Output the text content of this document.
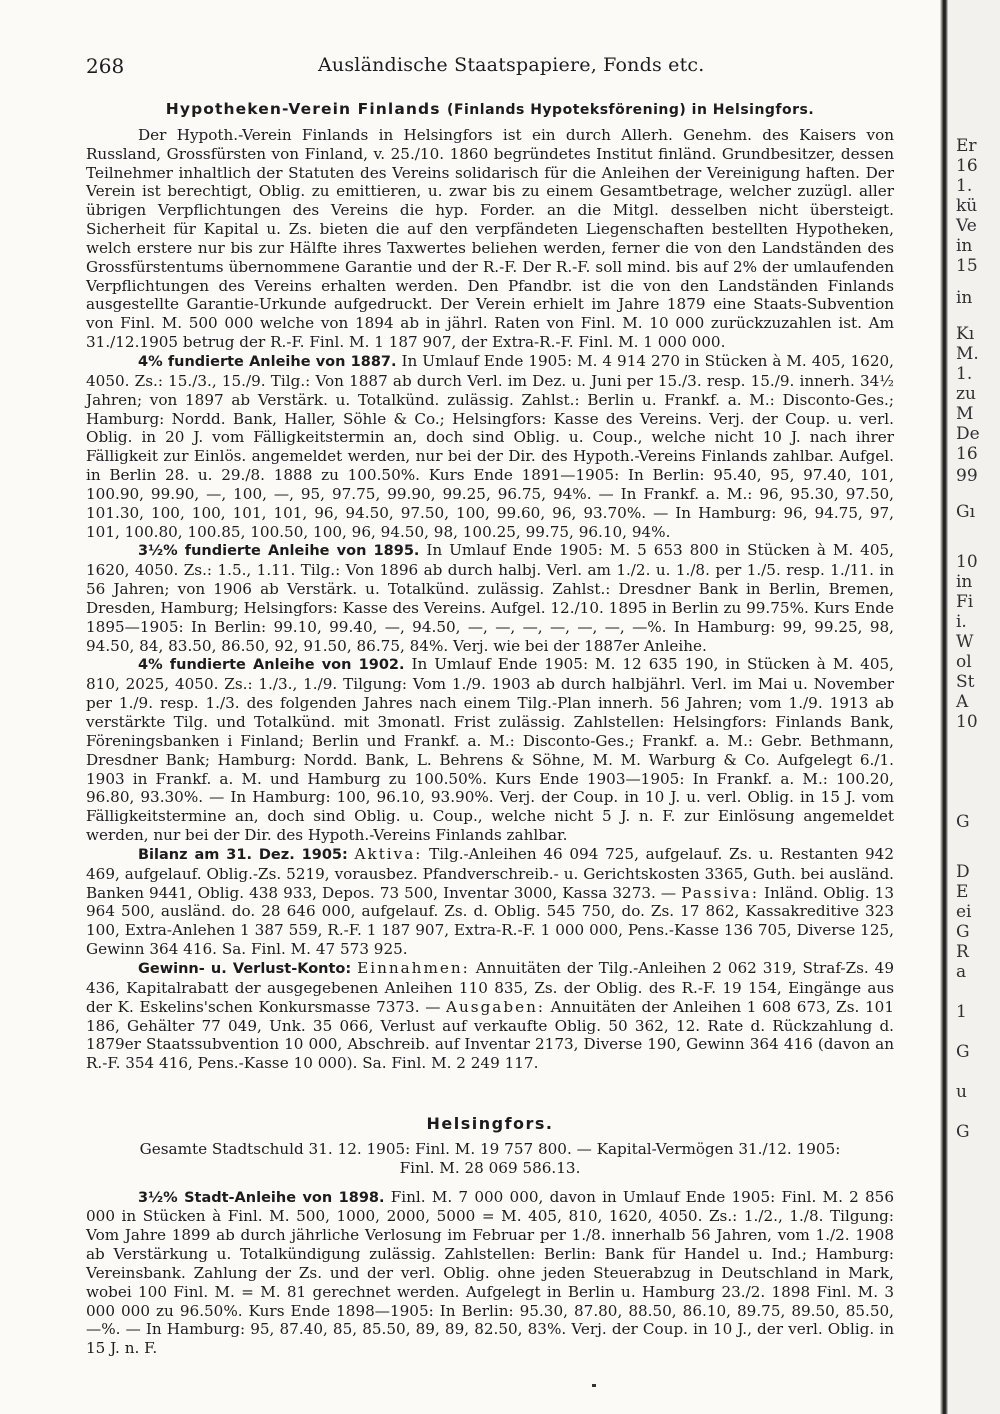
268	Ausländische Staatspapiere, Fonds etc.
Hypotheken-Verein Finlands (Finlands Hypoteksförening) in Helsingfors.

Der Hypoth.-Verein Finlands in Helsingfors ist ein durch Allerh. Genehm. des Kaisers von Russland, Grossfürsten von Finland, v. 25./10. 1860 begründetes Institut finländ. Grundbesitzer, dessen Teilnehmer inhaltlich der Statuten des Vereins solidarisch für die Anleihen der Vereinigung haften. Der Verein ist berechtigt, Oblig. zu emittieren, u. zwar bis zu einem Gesamtbetrage, welcher zuzügl. aller übrigen Verpflichtungen des Vereins die hyp. Forder. an die Mitgl. desselben nicht übersteigt. Sicherheit für Kapital u. Zs. bieten die auf den verpfändeten Liegenschaften bestellten Hypotheken, welch erstere nur bis zur Hälfte ihres Taxwertes beliehen werden, ferner die von den Landständen des Grossfürstentums übernommene Garantie und der R.-F. Der R.-F. soll mind. bis auf 2% der umlaufenden Verpflichtungen des Vereins erhalten werden. Den Pfandbr. ist die von den Landständen Finlands ausgestellte Garantie-Urkunde aufgedruckt. Der Verein erhielt im Jahre 1879 eine Staats-Subvention von Finl. M. 500 000 welche von 1894 ab in jährl. Raten von Finl. M. 10 000 zurückzuzahlen ist. Am 31./12.1905 betrug der R.-F. Finl. M. 1 187 907, der Extra-R.-F. Finl. M. 1 000 000.

4% fundierte Anleihe von 1887. In Umlauf Ende 1905: M. 4 914 270 in Stücken à M. 405, 1620, 4050. Zs.: 15./3., 15./9. Tilg.: Von 1887 ab durch Verl. im Dez. u. Juni per 15./3. resp. 15./9. innerh. 34½ Jahren; von 1897 ab Verstärk. u. Totalkünd. zulässig. Zahlst.: Berlin u. Frankf. a. M.: Disconto-Ges.; Hamburg: Nordd. Bank, Haller, Söhle & Co.; Helsingfors: Kasse des Vereins. Verj. der Coup. u. verl. Oblig. in 20 J. vom Fälligkeitstermin an, doch sind Oblig. u. Coup., welche nicht 10 J. nach ihrer Fälligkeit zur Einlös. angemeldet werden, nur bei der Dir. des Hypoth.-Vereins Finlands zahlbar. Aufgel. in Berlin 28. u. 29./8. 1888 zu 100.50%. Kurs Ende 1891—1905: In Berlin: 95.40, 95, 97.40, 101, 100.90, 99.90, —, 100, —, 95, 97.75, 99.90, 99.25, 96.75, 94%. — In Frankf. a. M.: 96, 95.30, 97.50, 101.30, 100, 100, 101, 101, 96, 94.50, 97.50, 100, 99.60, 96, 93.70%. — In Hamburg: 96, 94.75, 97, 101, 100.80, 100.85, 100.50, 100, 96, 94.50, 98, 100.25, 99.75, 96.10, 94%.

3½% fundierte Anleihe von 1895. In Umlauf Ende 1905: M. 5 653 800 in Stücken à M. 405, 1620, 4050. Zs.: 1.5., 1.11. Tilg.: Von 1896 ab durch halbj. Verl. am 1./2. u. 1./8. per 1./5. resp. 1./11. in 56 Jahren; von 1906 ab Verstärk. u. Totalkünd. zulässig. Zahlst.: Dresdner Bank in Berlin, Bremen, Dresden, Hamburg; Helsingfors: Kasse des Vereins. Aufgel. 12./10. 1895 in Berlin zu 99.75%. Kurs Ende 1895—1905: In Berlin: 99.10, 99.40, —, 94.50, —, —, —, —, —, —, —%. In Hamburg: 99, 99.25, 98, 94.50, 84, 83.50, 86.50, 92, 91.50, 86.75, 84%. Verj. wie bei der 1887er Anleihe.

4% fundierte Anleihe von 1902. In Umlauf Ende 1905: M. 12 635 190, in Stücken à M. 405, 810, 2025, 4050. Zs.: 1./3., 1./9. Tilgung: Vom 1./9. 1903 ab durch halbjährl. Verl. im Mai u. November per 1./9. resp. 1./3. des folgenden Jahres nach einem Tilg.-Plan innerh. 56 Jahren; vom 1./9. 1913 ab verstärkte Tilg. und Totalkünd. mit 3monatl. Frist zulässig. Zahlstellen: Helsingfors: Finlands Bank, Föreningsbanken i Finland; Berlin und Frankf. a. M.: Disconto-Ges.; Frankf. a. M.: Gebr. Bethmann, Dresdner Bank; Hamburg: Nordd. Bank, L. Behrens & Söhne, M. M. Warburg & Co. Aufgelegt 6./1. 1903 in Frankf. a. M. und Hamburg zu 100.50%. Kurs Ende 1903—1905: In Frankf. a. M.: 100.20, 96.80, 93.30%. — In Hamburg: 100, 96.10, 93.90%. Verj. der Coup. in 10 J. u. verl. Oblig. in 15 J. vom Fälligkeitstermine an, doch sind Oblig. u. Coup., welche nicht 5 J. n. F. zur Einlösung angemeldet werden, nur bei der Dir. des Hypoth.-Vereins Finlands zahlbar.

Bilanz am 31. Dez. 1905: Aktiva: Tilg.-Anleihen 46 094 725, aufgelauf. Zs. u. Restanten 942 469, aufgelauf. Oblig.-Zs. 5219, vorausbez. Pfandverschreib.- u. Gerichtskosten 3365, Guth. bei ausländ. Banken 9441, Oblig. 438 933, Depos. 73 500, Inventar 3000, Kassa 3273. — Passiva: Inländ. Oblig. 13 964 500, ausländ. do. 28 646 000, aufgelauf. Zs. d. Oblig. 545 750, do. Zs. 17 862, Kassakreditive 323 100, Extra-Anlehen 1 387 559, R.-F. 1 187 907, Extra-R.-F. 1 000 000, Pens.-Kasse 136 705, Diverse 125, Gewinn 364 416. Sa. Finl. M. 47 573 925.

Gewinn- u. Verlust-Konto: Einnahmen: Annuitäten der Tilg.-Anleihen 2 062 319, Straf-Zs. 49 436, Kapitalrabatt der ausgegebenen Anleihen 110 835, Zs. der Oblig. des R.-F. 19 154, Eingänge aus der K. Eskelins'schen Konkursmasse 7373. — Ausgaben: Annuitäten der Anleihen 1 608 673, Zs. 101 186, Gehälter 77 049, Unk. 35 066, Verlust auf verkaufte Oblig. 50 362, 12. Rate d. Rückzahlung d. 1879er Staatssubvention 10 000, Abschreib. auf Inventar 2173, Diverse 190, Gewinn 364 416 (davon an R.-F. 354 416, Pens.-Kasse 10 000). Sa. Finl. M. 2 249 117.

Helsingfors.

Gesamte Stadtschuld 31. 12. 1905: Finl. M. 19 757 800. — Kapital-Vermögen 31./12. 1905:

Finl. M. 28 069 586.13.

3½% Stadt-Anleihe von 1898. Finl. M. 7 000 000, davon in Umlauf Ende 1905: Finl. M. 2 856 000 in Stücken à Finl. M. 500, 1000, 2000, 5000 = M. 405, 810, 1620, 4050. Zs.: 1./2., 1./8. Tilgung: Vom Jahre 1899 ab durch jährliche Verlosung im Februar per 1./8. innerhalb 56 Jahren, vom 1./2. 1908 ab Verstärkung u. Totalkündigung zulässig. Zahlstellen: Berlin: Bank für Handel u. Ind.; Hamburg: Vereinsbank. Zahlung der Zs. und der verl. Oblig. ohne jeden Steuerabzug in Deutschland in Mark, wobei 100 Finl. M. = M. 81 gerechnet werden. Aufgelegt in Berlin u. Hamburg 23./2. 1898 Finl. M. 3 000 000 zu 96.50%. Kurs Ende 1898—1905: In Berlin: 95.30, 87.80, 88.50, 86.10, 89.75, 89.50, 85.50, —%. — In Hamburg: 95, 87.40, 85, 85.50, 89, 89, 82.50, 83%. Verj. der Coup. in 10 J., der verl. Oblig. in 15 J. n. F.

Er
16
1.
kü
Ve
in
15
in
Kı
M.
1.
zu
M
De
16
99
Gı
10
in
Fi
i.
W
ol
St
A
10
G
D
E
ei
G
R
a
1
G
u
G
